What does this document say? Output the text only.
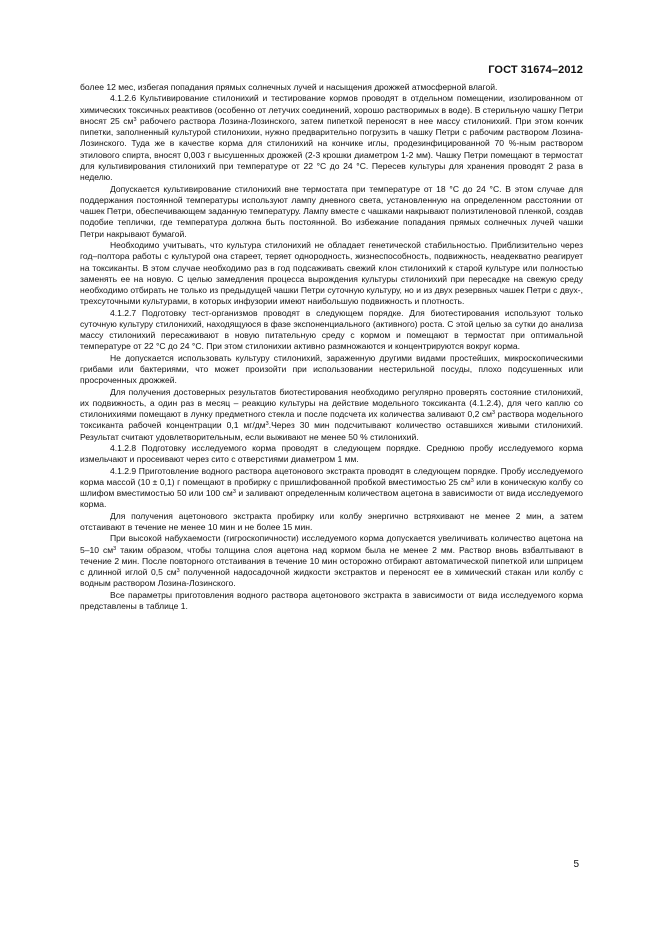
ГОСТ 31674–2012

более 12 мес, избегая попадания прямых солнечных лучей и насыщения дрожжей атмосферной влагой.

4.1.2.6 Культивирование стилонихий и тестирование кормов проводят в отдельном помещении, изолированном от химических токсичных реактивов (особенно от летучих соединений, хорошо растворимых в воде). В стерильную чашку Петри вносят 25 $см^3$ рабочего раствора Лозина-Лозинского, затем пипеткой переносят в нее массу стилонихий. При этом кончик пипетки, заполненный культурой стилонихии, нужно предварительно погрузить в чашку Петри с рабочим раствором Лозина-Лозинского. Туда же в качестве корма для стилонихий на кончике иглы, продезинфицированной 70 %-ным раствором этилового спирта, вносят 0,003 г высушенных дрожжей (2-3 крошки диаметром 1-2 мм). Чашку Петри помещают в термостат для культивирования стилонихий при температуре от 22 °С до 24 °С. Пересев культуры для хранения проводят 2 раза в неделю.

Допускается культивирование стилонихий вне термостата при температуре от 18 °С до 24 °С. В этом случае для поддержания постоянной температуры используют лампу дневного света, установленную на определенном расстоянии от чашек Петри, обеспечивающем заданную температуру. Лампу вместе с чашками накрывают полиэтиленовой пленкой, создав подобие теплички, где температура должна быть постоянной. Во избежание попадания прямых солнечных лучей чашки Петри накрывают бумагой.

Необходимо учитывать, что культура стилонихий не обладает генетической стабильностью. Приблизительно через год–полтора работы с культурой она стареет, теряет однородность, жизнеспособность, подвижность, неадекватно реагирует на токсиканты. В этом случае необходимо раз в год подсаживать свежий клон стилонихий к старой культуре или полностью заменять ее на новую. С целью замедления процесса вырождения культуры стилонихий при пересадке на свежую среду необходимо отбирать не только из предыдущей чашки Петри суточную культуру, но и из двух резервных чашек Петри с двух-, трехсуточными культурами, в которых инфузории имеют наибольшую подвижность и плотность.

4.1.2.7 Подготовку тест-организмов проводят в следующем порядке. Для биотестирования используют только суточную культуру стилонихий, находящуюся в фазе экспоненциального (активного) роста. С этой целью за сутки до анализа массу стилонихий пересаживают в новую питательную среду с кормом и помещают в термостат при оптимальной температуре от 22 °С до 24 °С. При этом стилонихии активно размножаются и концентрируются вокруг корма.

Не допускается использовать культуру стилонихий, зараженную другими видами простейших, микроскопическими грибами или бактериями, что может произойти при использовании нестерильной посуды, плохо подсушенных или просроченных дрожжей.

Для получения достоверных результатов биотестирования необходимо регулярно проверять состояние стилонихий, их подвижность, а один раз в месяц – реакцию культуры на действие модельного токсиканта (4.1.2.4), для чего каплю со стилонихиями помещают в лунку предметного стекла и после подсчета их количества заливают 0,2 $см^3$ раствора модельного токсиканта рабочей концентрации 0,1 $мг/дм^3.Через$ 30 мин подсчитывают количество оставшихся живыми стилонихий. Результат считают удовлетворительным, если выживают не менее 50 % стилонихий.

4.1.2.8 Подготовку исследуемого корма проводят в следующем порядке. Среднюю пробу исследуемого корма измельчают и просеивают через сито с отверстиями диаметром 1 мм.

4.1.2.9 Приготовление водного раствора ацетонового экстракта проводят в следующем порядке. Пробу исследуемого корма массой (10 ± 0,1) г помещают в пробирку с пришлифованной пробкой вместимостью 25 $см^3$ или в коническую колбу со шлифом вместимостью 50 или 100 $см^3$ и заливают определенным количеством ацетона в зависимости от вида исследуемого корма.

Для получения ацетонового экстракта пробирку или колбу энергично встряхивают не менее 2 мин, а затем отстаивают в течение не менее 10 мин и не более 15 мин.

При высокой набухаемости (гигроскопичности) исследуемого корма допускается увеличивать количество ацетона на 5–10 $см^3$ таким образом, чтобы толщина слоя ацетона над кормом была не менее 2 мм. Раствор вновь взбалтывают в течение 2 мин. После повторного отстаивания в течение 10 мин осторожно отбирают автоматической пипеткой или шприцем с длинной иглой 0,5 $см^3$ полученной надосадочной жидкости экстрактов и переносят ее в химический стакан или колбу с водным раствором Лозина-Лозинского.

Все параметры приготовления водного раствора ацетонового экстракта в зависимости от вида исследуемого корма представлены в таблице 1.

5
